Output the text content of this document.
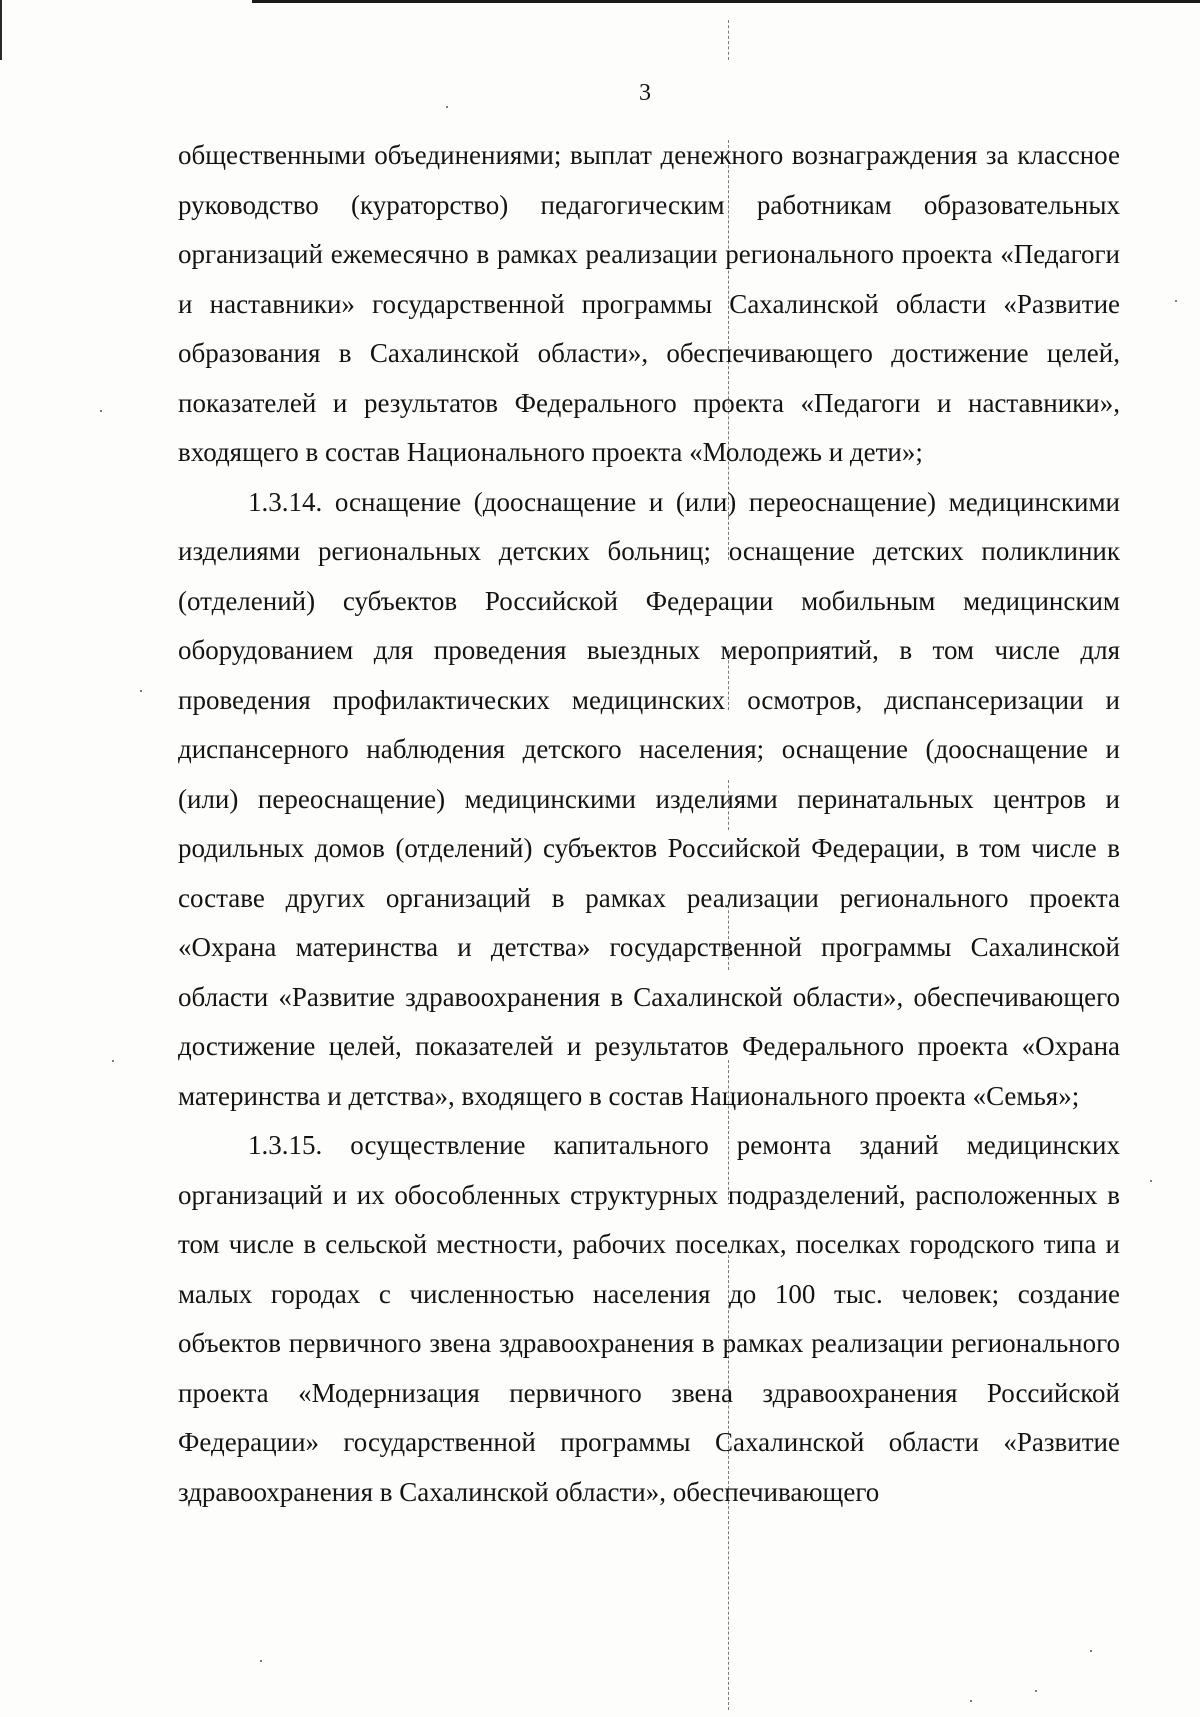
3

общественными объединениями; выплат денежного вознаграждения за классное руководство (кураторство) педагогическим работникам образовательных организаций ежемесячно в рамках реализации регионального проекта «Педагоги и наставники» государственной программы Сахалинской области «Развитие образования в Сахалинской области», обеспечивающего достижение целей, показателей и результатов Федерального проекта «Педагоги и наставники», входящего в состав Национального проекта «Молодежь и дети»;

1.3.14. оснащение (дооснащение и (или) переоснащение) медицинскими изделиями региональных детских больниц; оснащение детских поликлиник (отделений) субъектов Российской Федерации мобильным медицинским оборудованием для проведения выездных мероприятий, в том числе для проведения профилактических медицинских осмотров, диспансеризации и диспансерного наблюдения детского населения; оснащение (дооснащение и (или) переоснащение) медицинскими изделиями перинатальных центров и родильных домов (отделений) субъектов Российской Федерации, в том числе в составе других организаций в рамках реализации регионального проекта «Охрана материнства и детства» государственной программы Сахалинской области «Развитие здравоохранения в Сахалинской области», обеспечивающего достижение целей, показателей и результатов Федерального проекта «Охрана материнства и детства», входящего в состав Национального проекта «Семья»;

1.3.15. осуществление капитального ремонта зданий медицинских организаций и их обособленных структурных подразделений, расположенных в том числе в сельской местности, рабочих поселках, поселках городского типа и малых городах с численностью населения до 100 тыс. человек; создание объектов первичного звена здравоохранения в рамках реализации регионального проекта «Модернизация первичного звена здравоохранения Российской Федерации» государственной программы Сахалинской области «Развитие здравоохранения в Сахалинской области», обеспечивающего
